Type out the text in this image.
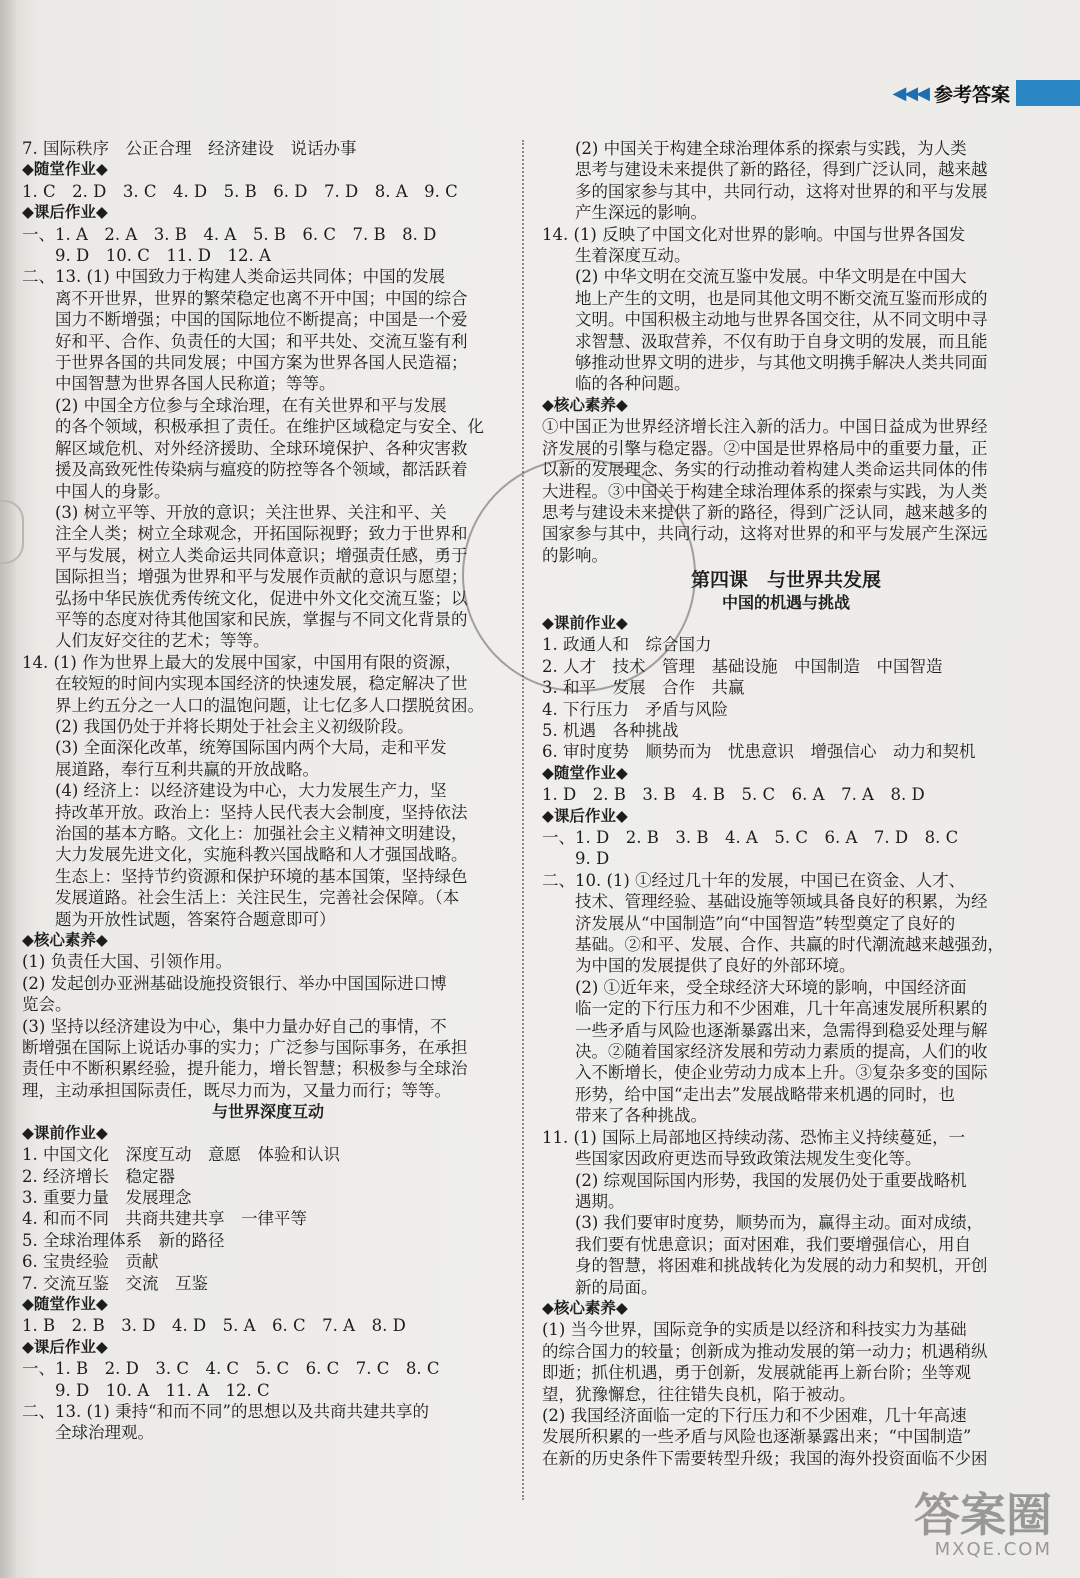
◀◀◀ 参考答案
7. 国际秩序　公正合理　经济建设　说话办事
◆随堂作业◆
1. C　2. D　3. C　4. D　5. B　6. D　7. D　8. A　9. C
◆课后作业◆
一、1. A　2. A　3. B　4. A　5. B　6. C　7. B　8. D
　　9. D　10. C　11. D　12. A
二、13. (1) 中国致力于构建人类命运共同体；中国的发展
　　离不开世界，世界的繁荣稳定也离不开中国；中国的综合
　　国力不断增强；中国的国际地位不断提高；中国是一个爱
　　好和平、合作、负责任的大国；和平共处、交流互鉴有利
　　于世界各国的共同发展；中国方案为世界各国人民造福；
　　中国智慧为世界各国人民称道；等等。
　　(2) 中国全方位参与全球治理，在有关世界和平与发展
　　的各个领域，积极承担了责任。在维护区域稳定与安全、化
　　解区域危机、对外经济援助、全球环境保护、各种灾害救
　　援及高致死性传染病与瘟疫的防控等各个领域，都活跃着
　　中国人的身影。
　　(3) 树立平等、开放的意识；关注世界、关注和平、关
　　注全人类；树立全球观念，开拓国际视野；致力于世界和
　　平与发展，树立人类命运共同体意识；增强责任感，勇于
　　国际担当；增强为世界和平与发展作贡献的意识与愿望；
　　弘扬中华民族优秀传统文化，促进中外文化交流互鉴；以
　　平等的态度对待其他国家和民族，掌握与不同文化背景的
　　人们友好交往的艺术；等等。
14. (1) 作为世界上最大的发展中国家，中国用有限的资源，
　　在较短的时间内实现本国经济的快速发展，稳定解决了世
　　界上约五分之一人口的温饱问题，让七亿多人口摆脱贫困。
　　(2) 我国仍处于并将长期处于社会主义初级阶段。
　　(3) 全面深化改革，统筹国际国内两个大局，走和平发
　　展道路，奉行互利共赢的开放战略。
　　(4) 经济上：以经济建设为中心，大力发展生产力，坚
　　持改革开放。政治上：坚持人民代表大会制度，坚持依法
　　治国的基本方略。文化上：加强社会主义精神文明建设，
　　大力发展先进文化，实施科教兴国战略和人才强国战略。
　　生态上：坚持节约资源和保护环境的基本国策，坚持绿色
　　发展道路。社会生活上：关注民生，完善社会保障。（本
　　题为开放性试题，答案符合题意即可）
◆核心素养◆
(1) 负责任大国、引领作用。
(2) 发起创办亚洲基础设施投资银行、举办中国国际进口博
览会。
(3) 坚持以经济建设为中心，集中力量办好自己的事情，不
断增强在国际上说话办事的实力；广泛参与国际事务，在承担
责任中不断积累经验，提升能力，增长智慧；积极参与全球治
理，主动承担国际责任，既尽力而为，又量力而行；等等。
与世界深度互动
◆课前作业◆
1. 中国文化　深度互动　意愿　体验和认识
2. 经济增长　稳定器
3. 重要力量　发展理念
4. 和而不同　共商共建共享　一律平等
5. 全球治理体系　新的路径
6. 宝贵经验　贡献
7. 交流互鉴　交流　互鉴
◆随堂作业◆
1. B　2. B　3. D　4. D　5. A　6. C　7. A　8. D
◆课后作业◆
一、1. B　2. D　3. C　4. C　5. C　6. C　7. C　8. C
　　9. D　10. A　11. A　12. C
二、13. (1) 秉持“和而不同”的思想以及共商共建共享的
　　全球治理观。
　　(2) 中国关于构建全球治理体系的探索与实践，为人类
　　思考与建设未来提供了新的路径，得到广泛认同，越来越
　　多的国家参与其中，共同行动，这将对世界的和平与发展
　　产生深远的影响。
14. (1) 反映了中国文化对世界的影响。中国与世界各国发
　　生着深度互动。
　　(2) 中华文明在交流互鉴中发展。中华文明是在中国大
　　地上产生的文明，也是同其他文明不断交流互鉴而形成的
　　文明。中国积极主动地与世界各国交往，从不同文明中寻
　　求智慧、汲取营养，不仅有助于自身文明的发展，而且能
　　够推动世界文明的进步，与其他文明携手解决人类共同面
　　临的各种问题。
◆核心素养◆
①中国正为世界经济增长注入新的活力。中国日益成为世界经
济发展的引擎与稳定器。②中国是世界格局中的重要力量，正
以新的发展理念、务实的行动推动着构建人类命运共同体的伟
大进程。③中国关于构建全球治理体系的探索与实践，为人类
思考与建设未来提供了新的路径，得到广泛认同，越来越多的
国家参与其中，共同行动，这将对世界的和平与发展产生深远
的影响。
第四课　与世界共发展
中国的机遇与挑战
◆课前作业◆
1. 政通人和　综合国力
2. 人才　技术　管理　基础设施　中国制造　中国智造
3. 和平　发展　合作　共赢
4. 下行压力　矛盾与风险
5. 机遇　各种挑战
6. 审时度势　顺势而为　忧患意识　增强信心　动力和契机
◆随堂作业◆
1. D　2. B　3. B　4. B　5. C　6. A　7. A　8. D
◆课后作业◆
一、1. D　2. B　3. B　4. A　5. C　6. A　7. D　8. C
　　9. D
二、10. (1) ①经过几十年的发展，中国已在资金、人才、
　　技术、管理经验、基础设施等领域具备良好的积累，为经
　　济发展从“中国制造”向“中国智造”转型奠定了良好的
　　基础。②和平、发展、合作、共赢的时代潮流越来越强劲，
　　为中国的发展提供了良好的外部环境。
　　(2) ①近年来，受全球经济大环境的影响，中国经济面
　　临一定的下行压力和不少困难，几十年高速发展所积累的
　　一些矛盾与风险也逐渐暴露出来，急需得到稳妥处理与解
　　决。②随着国家经济发展和劳动力素质的提高，人们的收
　　入不断增长，使企业劳动力成本上升。③复杂多变的国际
　　形势，给中国“走出去”发展战略带来机遇的同时，也
　　带来了各种挑战。
11. (1) 国际上局部地区持续动荡、恐怖主义持续蔓延，一
　　些国家因政府更迭而导致政策法规发生变化等。
　　(2) 综观国际国内形势，我国的发展仍处于重要战略机
　　遇期。
　　(3) 我们要审时度势，顺势而为，赢得主动。面对成绩，
　　我们要有忧患意识；面对困难，我们要增强信心，用自
　　身的智慧，将困难和挑战转化为发展的动力和契机，开创
　　新的局面。
◆核心素养◆
(1) 当今世界，国际竞争的实质是以经济和科技实力为基础
的综合国力的较量；创新成为推动发展的第一动力；机遇稍纵
即逝；抓住机遇，勇于创新，发展就能再上新台阶；坐等观
望，犹豫懈怠，往往错失良机，陷于被动。
(2) 我国经济面临一定的下行压力和不少困难，几十年高速
发展所积累的一些矛盾与风险也逐渐暴露出来；“中国制造”
在新的历史条件下需要转型升级；我国的海外投资面临不少困
答案圈
MXQE.COM
